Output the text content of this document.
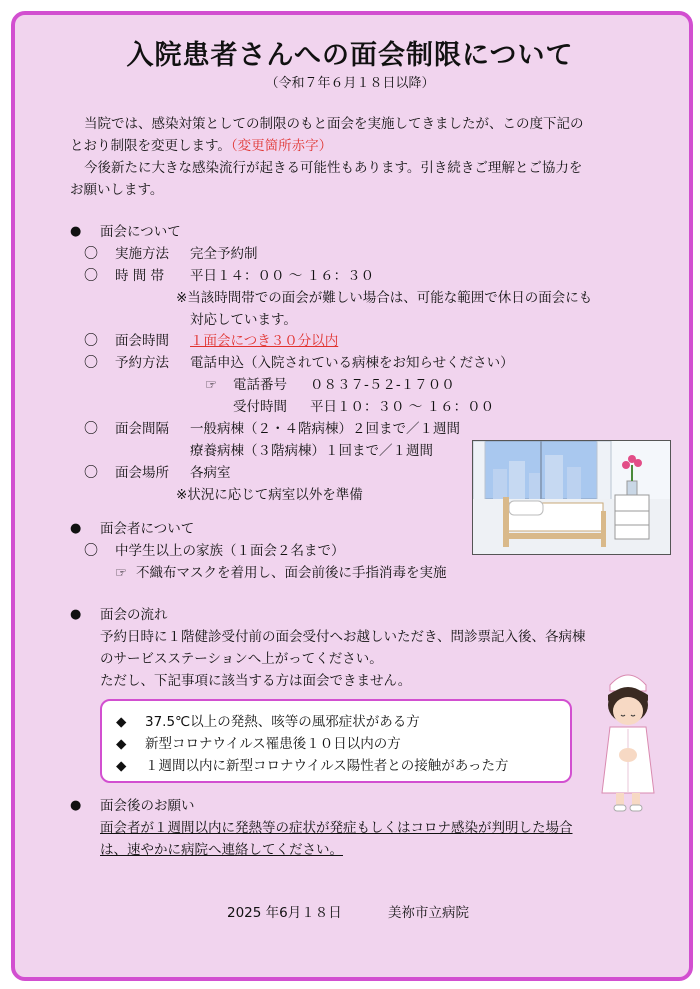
入院患者さんへの面会制限について
（令和７年６月１８日以降）
当院では、感染対策としての制限のもと面会を実施してきましたが、この度下記の
とおり制限を変更します。（変更箇所赤字）
今後新たに大きな感染流行が起きる可能性もあります。引き続きご理解とご協力を
お願いします。
● 面会について
〇 実施方法 完全予約制
〇 時 間 帯 平日１４：００ ～ １６：３０
※当該時間帯での面会が難しい場合は、可能な範囲で休日の面会にも
対応しています。
〇 面会時間 １面会につき３０分以内
〇 予約方法 電話申込（入院されている病棟をお知らせください）
☞ 電話番号 ０８３７-５２-１７００
受付時間 平日１０：３０ ～ １６：００
〇 面会間隔 一般病棟（２・４階病棟）２回まで／１週間
療養病棟（３階病棟）１回まで／１週間
〇 面会場所 各病室
※状況に応じて病室以外を準備
● 面会者について
〇 中学生以上の家族（１面会２名まで）
☞ 不織布マスクを着用し、面会前後に手指消毒を実施
● 面会の流れ
予約日時に１階健診受付前の面会受付へお越しいただき、問診票記入後、各病棟
のサービスステーションへ上がってください。
ただし、下記事項に該当する方は面会できません。
◆ 37.5℃以上の発熱、咳等の風邪症状がある方
◆ 新型コロナウイルス罹患後１０日以内の方
◆ １週間以内に新型コロナウイルス陽性者との接触があった方
● 面会後のお願い
面会者が１週間以内に発熱等の症状が発症もしくはコロナ感染が判明した場合
は、速やかに病院へ連絡してください。
2025 年6月１８日	美祢市立病院
